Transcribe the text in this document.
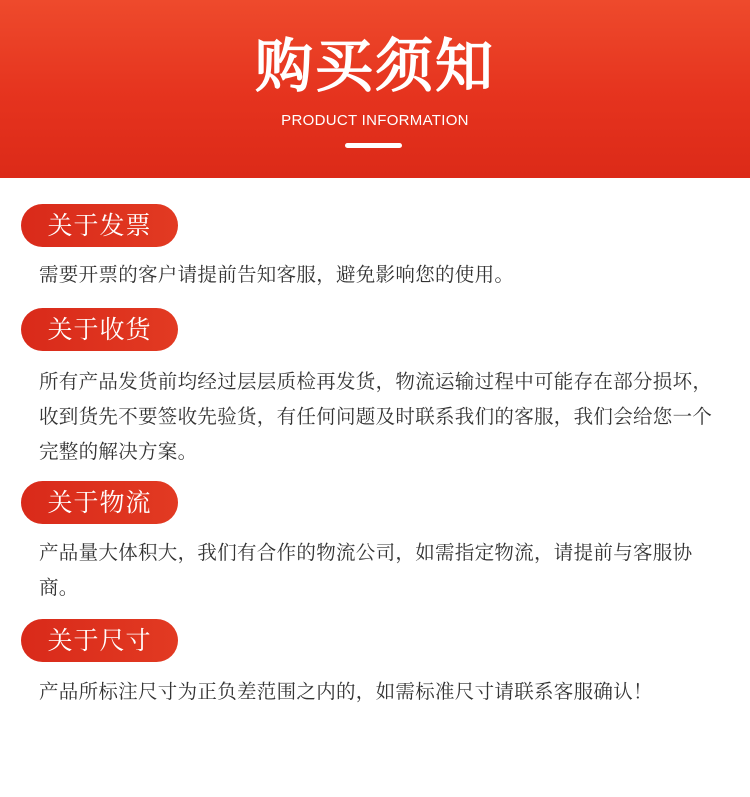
购买须知
PRODUCT INFORMATION
关于发票

需要开票的客户请提前告知客服，避免影响您的使用。

关于收货

所有产品发货前均经过层层质检再发货，物流运输过程中可能存在部分损坏，收到货先不要签收先验货，有任何问题及时联系我们的客服，我们会给您一个完整的解决方案。

关于物流

产品量大体积大，我们有合作的物流公司，如需指定物流，请提前与客服协商。

关于尺寸

产品所标注尺寸为正负差范围之内的，如需标准尺寸请联系客服确认！
